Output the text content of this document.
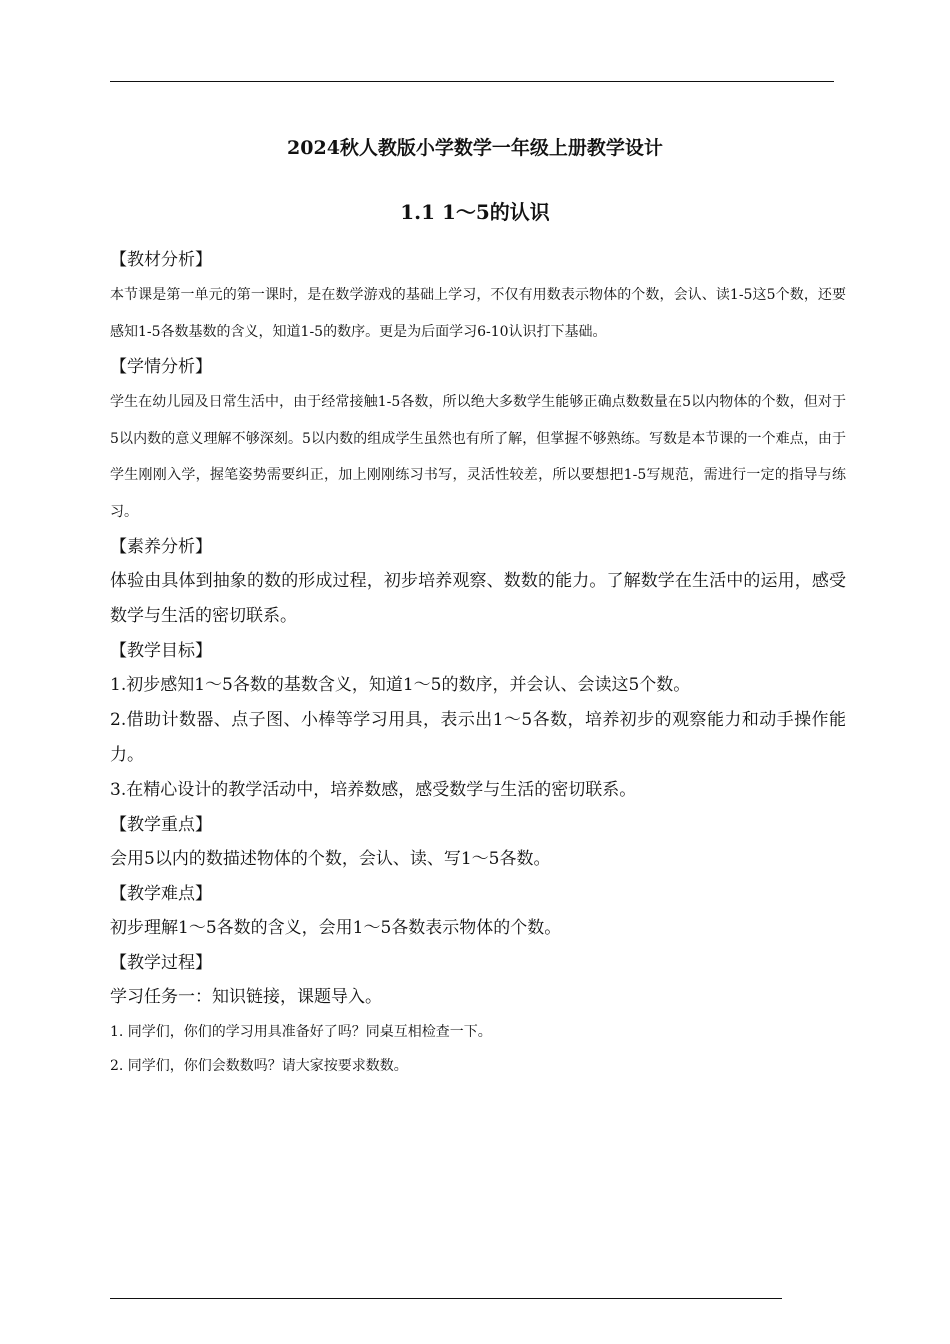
2024秋人教版小学数学一年级上册教学设计
1.1 1～5的认识

【教材分析】

本节课是第一单元的第一课时，是在数学游戏的基础上学习，不仅有用数表示物体的个数，会认、读1-5这5个数，还要感知1-5各数基数的含义，知道1-5的数序。更是为后面学习6-10认识打下基础。

【学情分析】

学生在幼儿园及日常生活中，由于经常接触1-5各数，所以绝大多数学生能够正确点数数量在5以内物体的个数，但对于5以内数的意义理解不够深刻。5以内数的组成学生虽然也有所了解，但掌握不够熟练。写数是本节课的一个难点，由于学生刚刚入学，握笔姿势需要纠正，加上刚刚练习书写，灵活性较差，所以要想把1-5写规范，需进行一定的指导与练习。

【素养分析】

体验由具体到抽象的数的形成过程，初步培养观察、数数的能力。了解数学在生活中的运用，感受数学与生活的密切联系。

【教学目标】

1.初步感知1～5各数的基数含义，知道1～5的数序，并会认、会读这5个数。

2.借助计数器、点子图、小棒等学习用具，表示出1～5各数，培养初步的观察能力和动手操作能力。

3.在精心设计的教学活动中，培养数感，感受数学与生活的密切联系。

【教学重点】

会用5以内的数描述物体的个数，会认、读、写1～5各数。

【教学难点】

初步理解1～5各数的含义，会用1～5各数表示物体的个数。

【教学过程】

学习任务一：知识链接，课题导入。

1. 同学们，你们的学习用具准备好了吗？同桌互相检查一下。

2. 同学们，你们会数数吗？请大家按要求数数。
